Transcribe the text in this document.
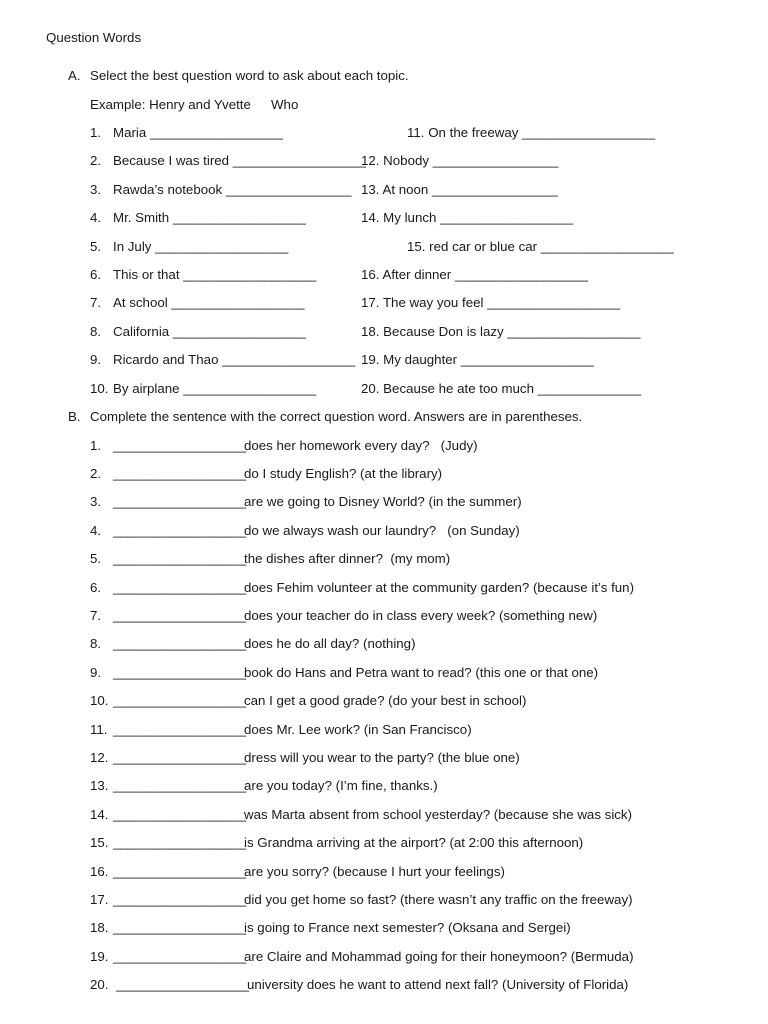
Question Words
A. Select the best question word to ask about each topic.
Example: Henry and Yvette Who
1. Maria __________________
2. Because I was tired __________________
3. Rawda’s notebook _________________
4. Mr. Smith __________________
5. In July __________________
6. This or that __________________
7. At school __________________
8. California __________________
9. Ricardo and Thao __________________
10. By airplane __________________
11. On the freeway __________________
12. Nobody _________________
13. At noon _________________
14. My lunch __________________
15. red car or blue car __________________
16. After dinner __________________
17. The way you feel __________________
18. Because Don is lazy __________________
19. My daughter __________________
20. Because he ate too much ______________
B. Complete the sentence with the correct question word. Answers are in parentheses.
1. __________________
does her homework every day?   (Judy)
2. __________________
do I study English? (at the library)
3. __________________
are we going to Disney World? (in the summer)
4. __________________
do we always wash our laundry?   (on Sunday)
5. __________________
the dishes after dinner?  (my mom)
6. __________________
does Fehim volunteer at the community garden? (because it’s fun)
7. __________________
does your teacher do in class every week? (something new)
8. __________________
does he do all day? (nothing)
9. __________________
book do Hans and Petra want to read? (this one or that one)
10. __________________
can I get a good grade? (do your best in school)
11. __________________
does Mr. Lee work? (in San Francisco)
12. __________________
dress will you wear to the party? (the blue one)
13. __________________
are you today? (I’m fine, thanks.)
14. __________________
was Marta absent from school yesterday? (because she was sick)
15. __________________
is Grandma arriving at the airport? (at 2:00 this afternoon)
16. __________________
are you sorry? (because I hurt your feelings)
17. __________________
did you get home so fast? (there wasn’t any traffic on the freeway)
18. __________________
is going to France next semester? (Oksana and Sergei)
19. __________________
are Claire and Mohammad going for their honeymoon? (Bermuda)
20. __________________
university does he want to attend next fall? (University of Florida)
